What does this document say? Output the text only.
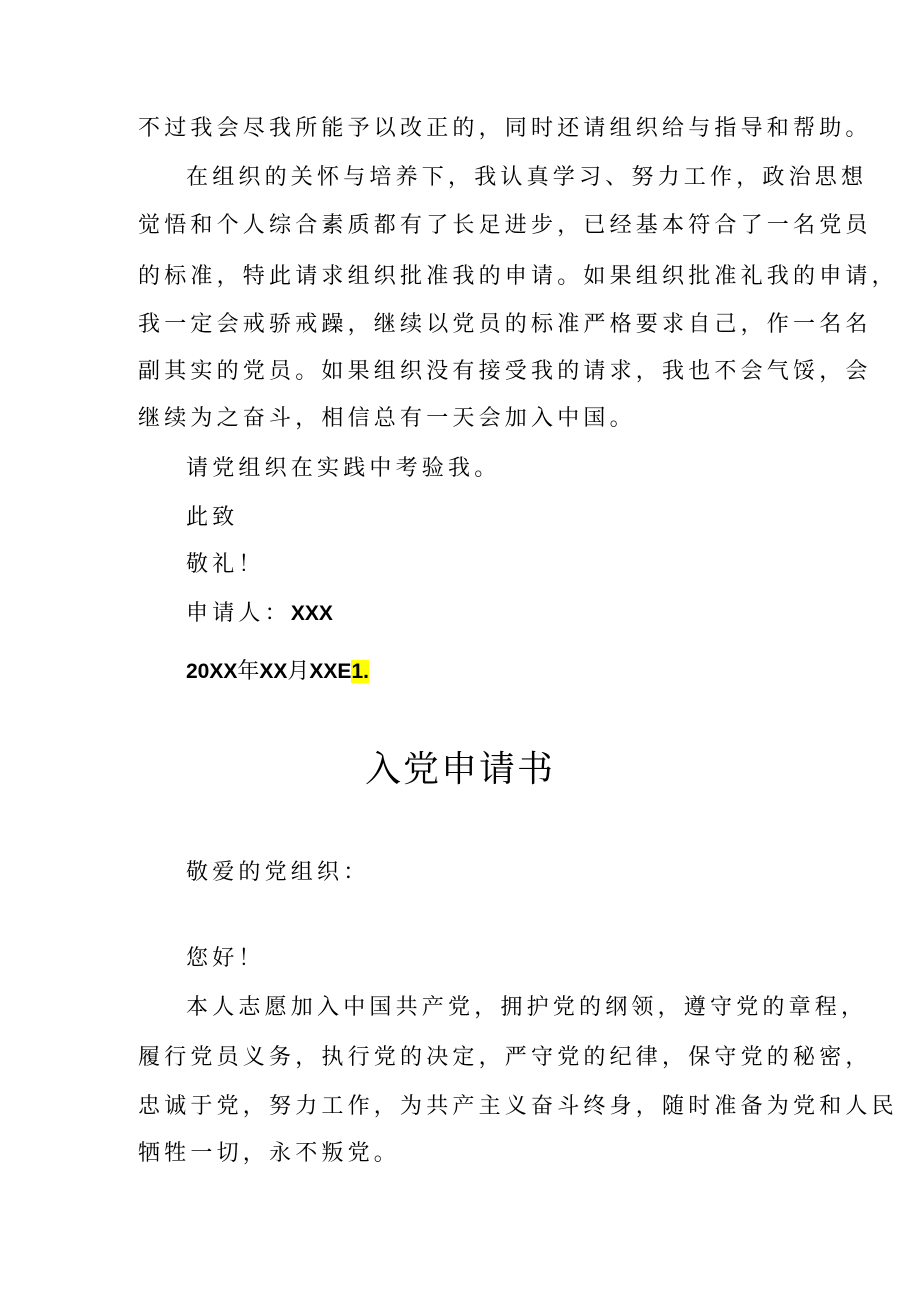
不过我会尽我所能予以改正的，同时还请组织给与指导和帮助。
在组织的关怀与培养下，我认真学习、努力工作，政治思想
觉悟和个人综合素质都有了长足进步，已经基本符合了一名党员
的标准，特此请求组织批准我的申请。如果组织批准礼我的申请，
我一定会戒骄戒躁，继续以党员的标准严格要求自己，作一名名
副其实的党员。如果组织没有接受我的请求，我也不会气馁，会
继续为之奋斗，相信总有一天会加入中国。
请党组织在实践中考验我。
此致
敬礼！
申请人：XXX
20XX年XX月XXE1.
入党申请书
敬爱的党组织：
您好！
本人志愿加入中国共产党，拥护党的纲领，遵守党的章程，
履行党员义务，执行党的决定，严守党的纪律，保守党的秘密，
忠诚于党，努力工作，为共产主义奋斗终身，随时准备为党和人民
牺牲一切，永不叛党。
